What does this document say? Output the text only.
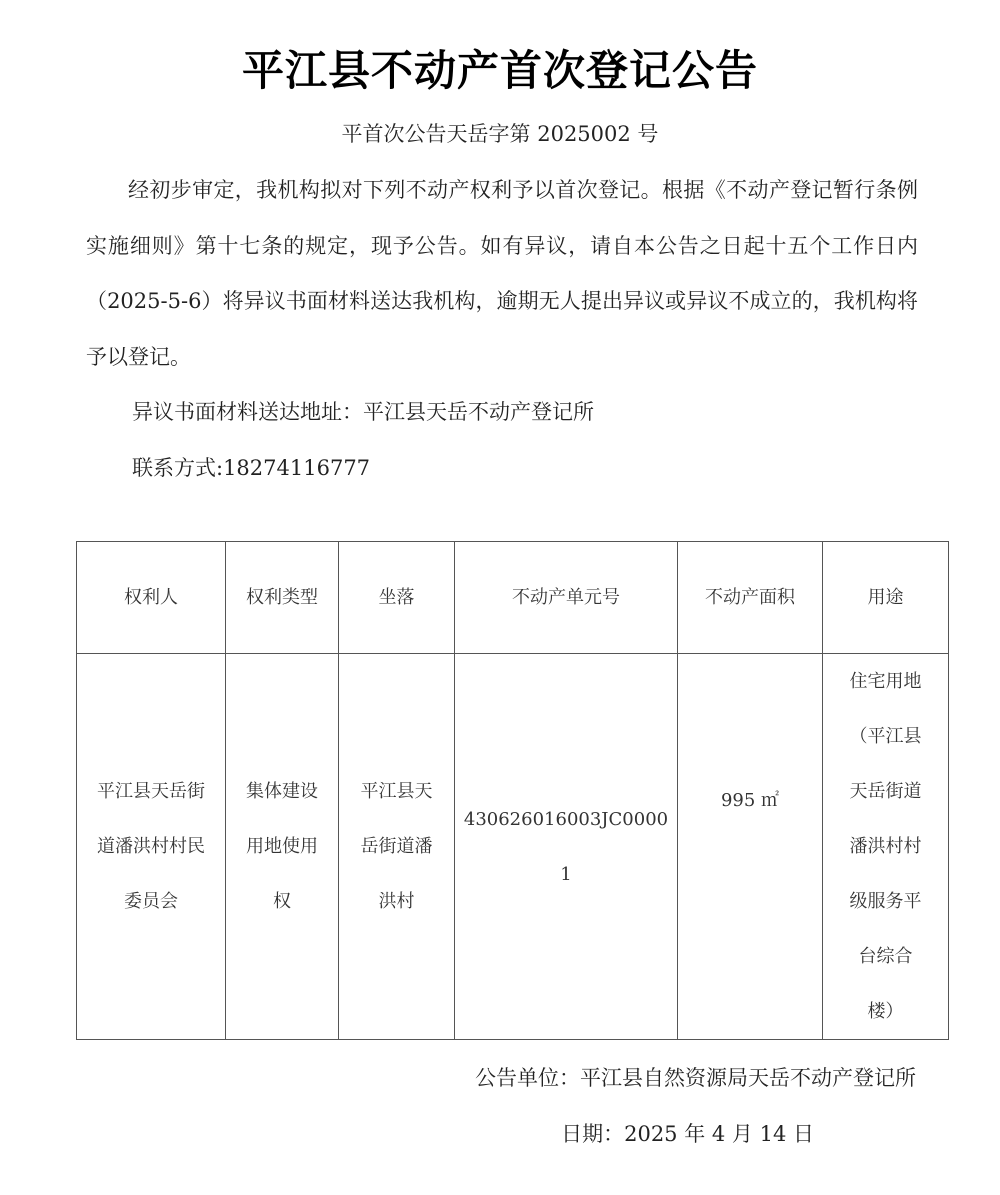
平江县不动产首次登记公告
平首次公告天岳字第 2025002 号

经初步审定，我机构拟对下列不动产权利予以首次登记。根据《不动产登记暂行条例实施细则》第十七条的规定，现予公告。如有异议，请自本公告之日起十五个工作日内（2025-5-6）将异议书面材料送达我机构，逾期无人提出异议或异议不成立的，我机构将予以登记。

异议书面材料送达地址：平江县天岳不动产登记所
联系方式:18274116777
权利人	权利类型	坐落	不动产单元号	不动产面积	用途
平江县天岳街道潘洪村村民委员会	集体建设用地使用权	平江县天岳街道潘洪村	430626016003JC00001	995 ㎡	住宅用地（平江县天岳街道潘洪村村级服务平台综合楼）
公告单位：平江县自然资源局天岳不动产登记所
日期：2025 年 4 月 14 日
